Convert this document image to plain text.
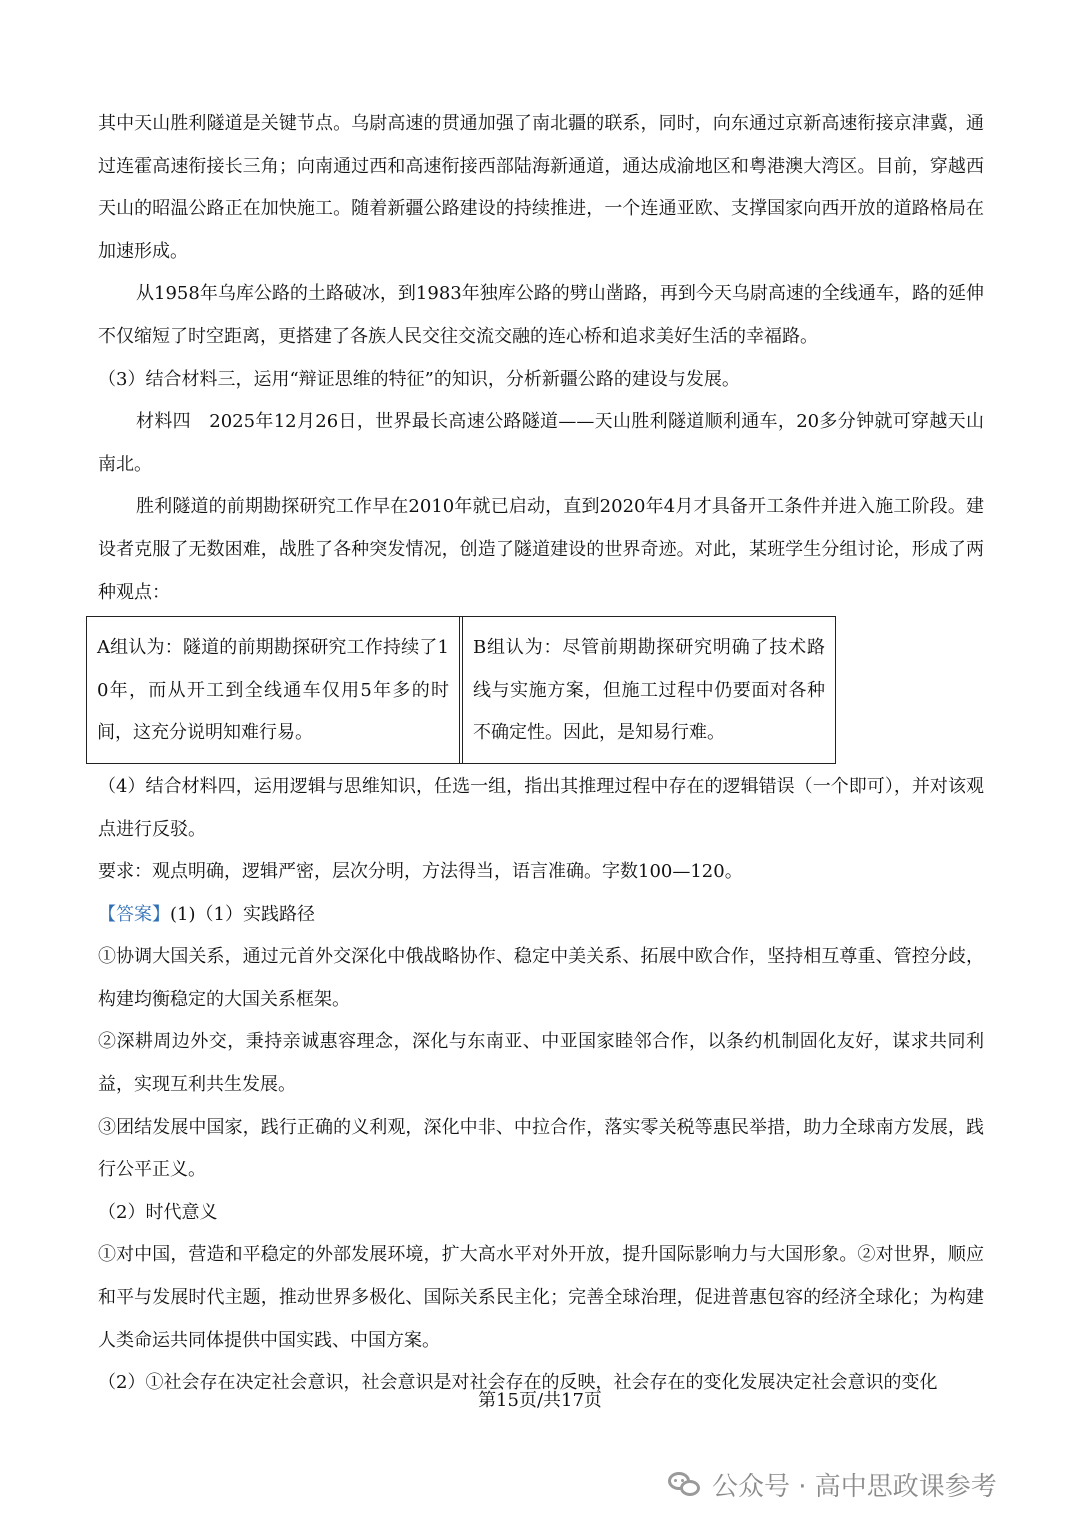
其中天山胜利隧道是关键节点。乌尉高速的贯通加强了南北疆的联系，同时，向东通过京新高速衔接京津冀，通过连霍高速衔接长三角；向南通过西和高速衔接西部陆海新通道，通达成渝地区和粤港澳大湾区。目前，穿越西天山的昭温公路正在加快施工。随着新疆公路建设的持续推进，一个连通亚欧、支撑国家向西开放的道路格局在加速形成。

从1958年乌库公路的土路破冰，到1983年独库公路的劈山凿路，再到今天乌尉高速的全线通车，路的延伸不仅缩短了时空距离，更搭建了各族人民交往交流交融的连心桥和追求美好生活的幸福路。

（3）结合材料三，运用“辩证思维的特征”的知识，分析新疆公路的建设与发展。

材料四　2025年12月26日，世界最长高速公路隧道——天山胜利隧道顺利通车，20多分钟就可穿越天山南北。

胜利隧道的前期勘探研究工作早在2010年就已启动，直到2020年4月才具备开工条件并进入施工阶段。建设者克服了无数困难，战胜了各种突发情况，创造了隧道建设的世界奇迹。对此，某班学生分组讨论，形成了两种观点：

A组认为：隧道的前期勘探研究工作持续了10年，而从开工到全线通车仅用5年多的时间，这充分说明知难行易。

B组认为：尽管前期勘探研究明确了技术路线与实施方案，但施工过程中仍要面对各种不确定性。因此，是知易行难。

（4）结合材料四，运用逻辑与思维知识，任选一组，指出其推理过程中存在的逻辑错误（一个即可），并对该观点进行反驳。

要求：观点明确，逻辑严密，层次分明，方法得当，语言准确。字数100—120。

【答案】(1)（1）实践路径

①协调大国关系，通过元首外交深化中俄战略协作、稳定中美关系、拓展中欧合作，坚持相互尊重、管控分歧，构建均衡稳定的大国关系框架。

②深耕周边外交，秉持亲诚惠容理念，深化与东南亚、中亚国家睦邻合作，以条约机制固化友好，谋求共同利益，实现互利共生发展。

③团结发展中国家，践行正确的义利观，深化中非、中拉合作，落实零关税等惠民举措，助力全球南方发展，践行公平正义。

（2）时代意义

①对中国，营造和平稳定的外部发展环境，扩大高水平对外开放，提升国际影响力与大国形象。②对世界，顺应和平与发展时代主题，推动世界多极化、国际关系民主化；完善全球治理，促进普惠包容的经济全球化；为构建人类命运共同体提供中国实践、中国方案。

（2）①社会存在决定社会意识，社会意识是对社会存在的反映，社会存在的变化发展决定社会意识的变化

第15页/共17页
公众号 · 高中思政课参考
